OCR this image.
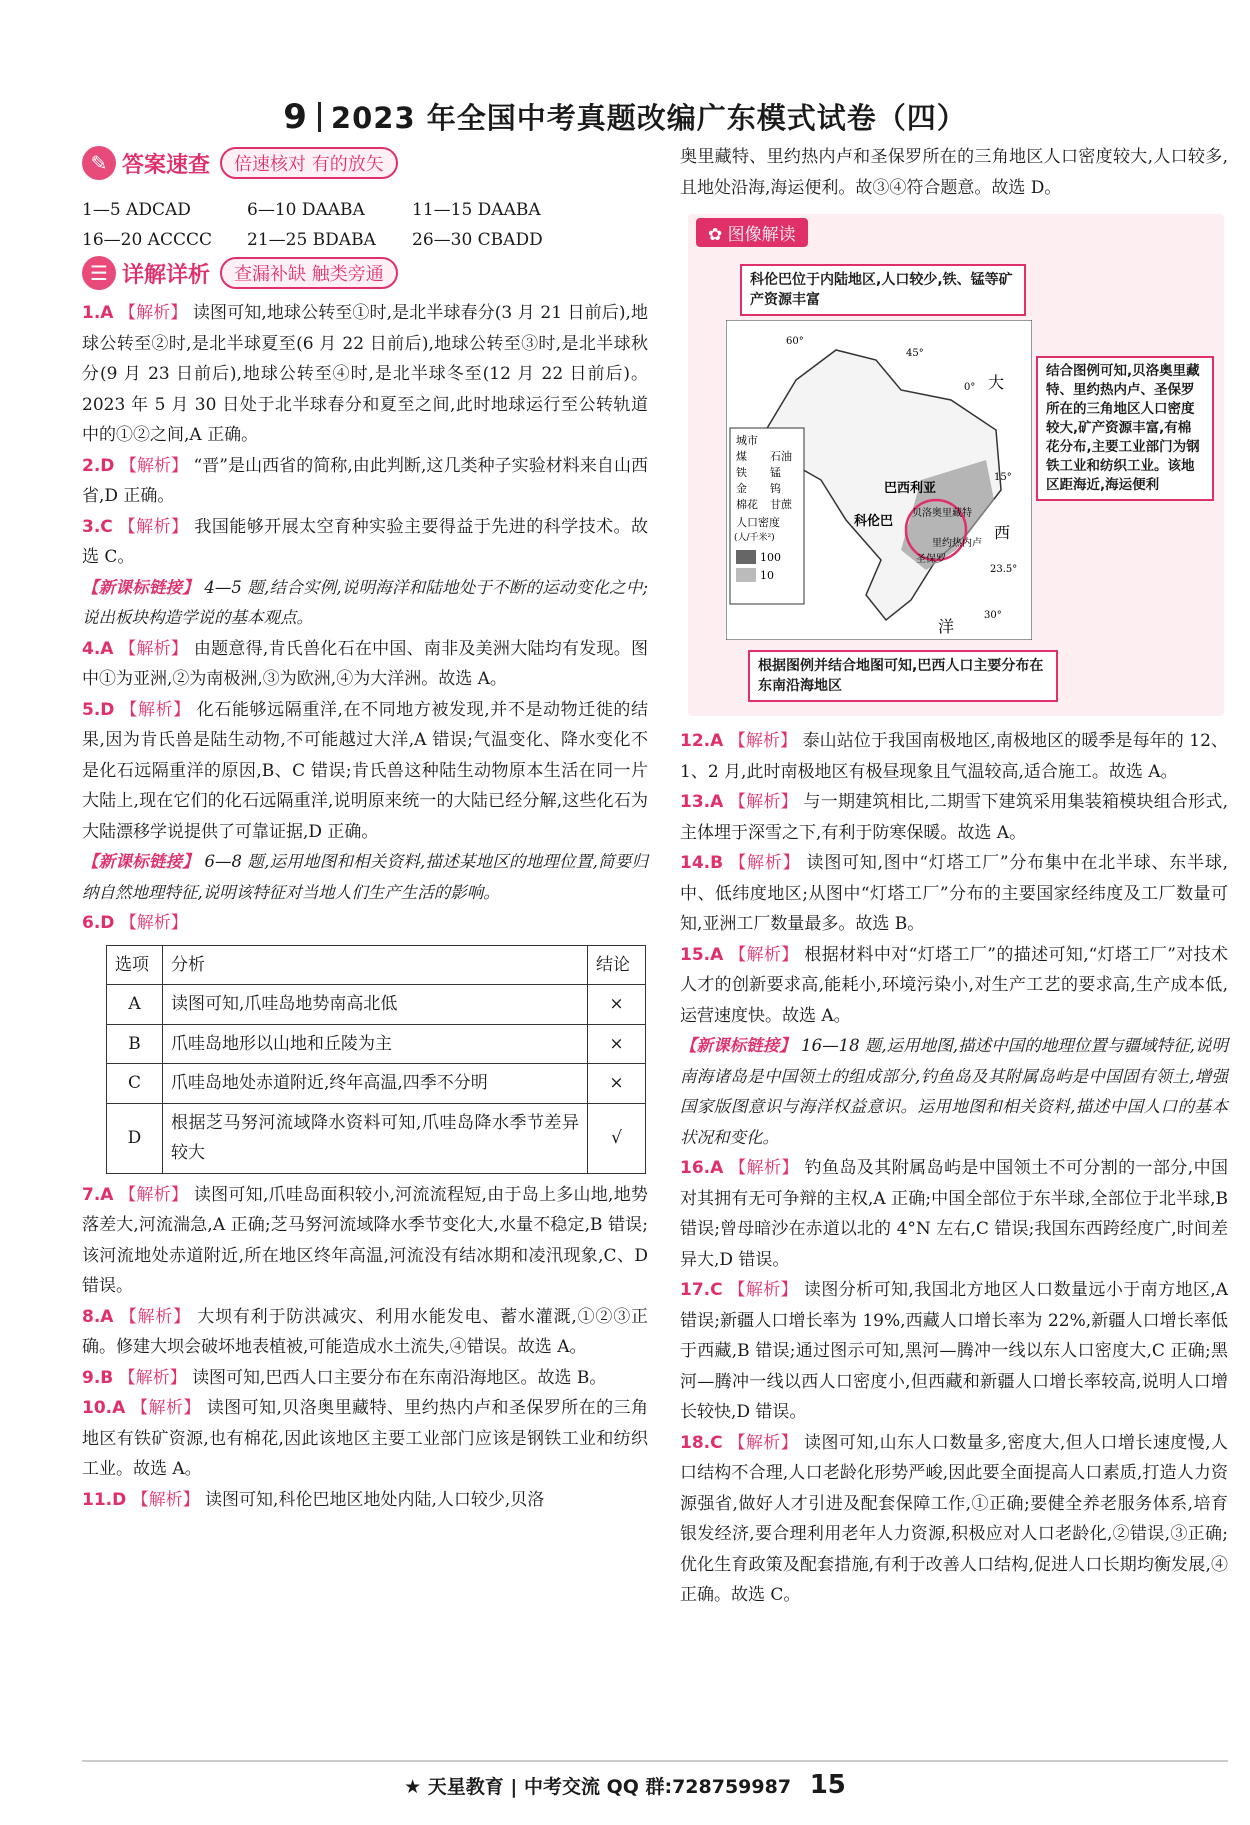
9 2023 年全国中考真题改编广东模式试卷（四）
✎ 答案速查	倍速核对 有的放矢
1—5 ADCAD	6—10 DAABA	11—15 DAABA
16—20 ACCCC	21—25 BDABA	26—30 CBADD
☰ 详解详析	查漏补缺 触类旁通

1.A 【解析】 读图可知,地球公转至①时,是北半球春分(3 月 21 日前后),地球公转至②时,是北半球夏至(6 月 22 日前后),地球公转至③时,是北半球秋分(9 月 23 日前后),地球公转至④时,是北半球冬至(12 月 22 日前后)。2023 年 5 月 30 日处于北半球春分和夏至之间,此时地球运行至公转轨道中的①②之间,A 正确。

2.D 【解析】 “晋”是山西省的简称,由此判断,这几类种子实验材料来自山西省,D 正确。

3.C 【解析】 我国能够开展太空育种实验主要得益于先进的科学技术。故选 C。

【新课标链接】 4—5 题,结合实例,说明海洋和陆地处于不断的运动变化之中;说出板块构造学说的基本观点。

4.A 【解析】 由题意得,肯氏兽化石在中国、南非及美洲大陆均有发现。图中①为亚洲,②为南极洲,③为欧洲,④为大洋洲。故选 A。

5.D 【解析】 化石能够远隔重洋,在不同地方被发现,并不是动物迁徙的结果,因为肯氏兽是陆生动物,不可能越过大洋,A 错误;气温变化、降水变化不是化石远隔重洋的原因,B、C 错误;肯氏兽这种陆生动物原本生活在同一片大陆上,现在它们的化石远隔重洋,说明原来统一的大陆已经分解,这些化石为大陆漂移学说提供了可靠证据,D 正确。

【新课标链接】 6—8 题,运用地图和相关资料,描述某地区的地理位置,简要归纳自然地理特征,说明该特征对当地人们生产生活的影响。

6.D 【解析】

选项	分析	结论
A	读图可知,爪哇岛地势南高北低	×
B	爪哇岛地形以山地和丘陵为主	×
C	爪哇岛地处赤道附近,终年高温,四季不分明	×
D	根据芝马努河流域降水资料可知,爪哇岛降水季节差异较大	√

7.A 【解析】 读图可知,爪哇岛面积较小,河流流程短,由于岛上多山地,地势落差大,河流湍急,A 正确;芝马努河流域降水季节变化大,水量不稳定,B 错误;该河流地处赤道附近,所在地区终年高温,河流没有结冰期和凌汛现象,C、D 错误。

8.A 【解析】 大坝有利于防洪减灾、利用水能发电、蓄水灌溉,①②③正确。修建大坝会破坏地表植被,可能造成水土流失,④错误。故选 A。

9.B 【解析】 读图可知,巴西人口主要分布在东南沿海地区。故选 B。

10.A 【解析】 读图可知,贝洛奥里藏特、里约热内卢和圣保罗所在的三角地区有铁矿资源,也有棉花,因此该地区主要工业部门应该是钢铁工业和纺织工业。故选 A。

11.D 【解析】 读图可知,科伦巴地区地处内陆,人口较少,贝洛

奥里藏特、里约热内卢和圣保罗所在的三角地区人口密度较大,人口较多,且地处沿海,海运便利。故③④符合题意。故选 D。

✿ 图像解读
科伦巴位于内陆地区,人口较少,铁、锰等矿产资源丰富
结合图例可知,贝洛奥里藏特、里约热内卢、圣保罗所在的三角地区人口密度较大,矿产资源丰富,有棉花分布,主要工业部门为钢铁工业和纺织工业。该地区距海近,海运便利
根据图例并结合地图可知,巴西人口主要分布在东南沿海地区
巴西利亚
科伦巴
贝洛奥里藏特
里约热内卢
圣保罗
大
西
洋
60°
45°
0°
15°
23.5°
30°
城市
煤 石油
铁 锰
金 钨
棉花 甘蔗
人口密度
(人/千米²)
100
10

12.A 【解析】 泰山站位于我国南极地区,南极地区的暖季是每年的 12、1、2 月,此时南极地区有极昼现象且气温较高,适合施工。故选 A。

13.A 【解析】 与一期建筑相比,二期雪下建筑采用集装箱模块组合形式,主体埋于深雪之下,有利于防寒保暖。故选 A。

14.B 【解析】 读图可知,图中“灯塔工厂”分布集中在北半球、东半球,中、低纬度地区;从图中“灯塔工厂”分布的主要国家经纬度及工厂数量可知,亚洲工厂数量最多。故选 B。

15.A 【解析】 根据材料中对“灯塔工厂”的描述可知,“灯塔工厂”对技术人才的创新要求高,能耗小,环境污染小,对生产工艺的要求高,生产成本低,运营速度快。故选 A。

【新课标链接】 16—18 题,运用地图,描述中国的地理位置与疆域特征,说明南海诸岛是中国领土的组成部分,钓鱼岛及其附属岛屿是中国固有领土,增强国家版图意识与海洋权益意识。运用地图和相关资料,描述中国人口的基本状况和变化。

16.A 【解析】 钓鱼岛及其附属岛屿是中国领土不可分割的一部分,中国对其拥有无可争辩的主权,A 正确;中国全部位于东半球,全部位于北半球,B 错误;曾母暗沙在赤道以北的 4°N 左右,C 错误;我国东西跨经度广,时间差异大,D 错误。

17.C 【解析】 读图分析可知,我国北方地区人口数量远小于南方地区,A 错误;新疆人口增长率为 19%,西藏人口增长率为 22%,新疆人口增长率低于西藏,B 错误;通过图示可知,黑河—腾冲一线以东人口密度大,C 正确;黑河—腾冲一线以西人口密度小,但西藏和新疆人口增长率较高,说明人口增长较快,D 错误。

18.C 【解析】 读图可知,山东人口数量多,密度大,但人口增长速度慢,人口结构不合理,人口老龄化形势严峻,因此要全面提高人口素质,打造人力资源强省,做好人才引进及配套保障工作,①正确;要健全养老服务体系,培育银发经济,要合理利用老年人力资源,积极应对人口老龄化,②错误,③正确;优化生育政策及配套措施,有利于改善人口结构,促进人口长期均衡发展,④正确。故选 C。

★ 天星教育 | 中考交流 QQ 群:728759987 15
